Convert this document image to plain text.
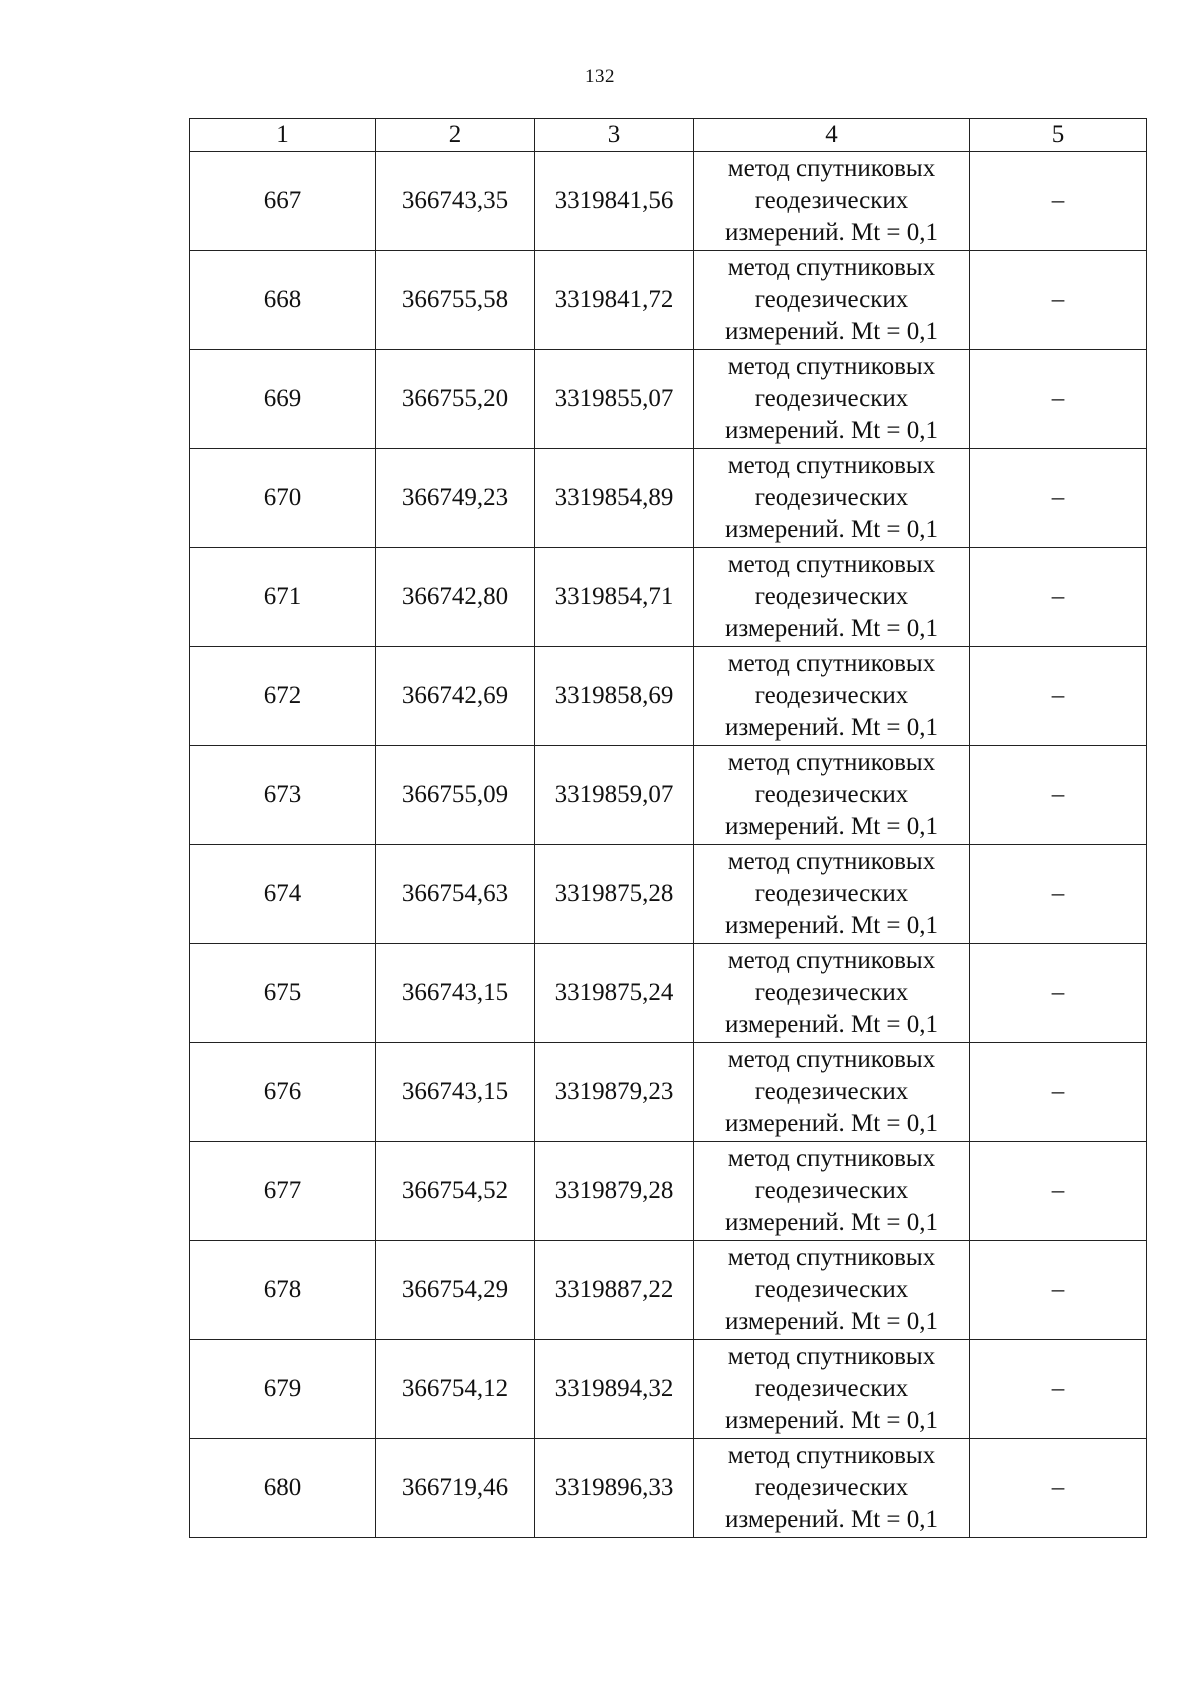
132
1	2	3	4	5
667	366743,35	3319841,56	метод спутниковых
геодезических
измерений. Mt = 0,1	–
668	366755,58	3319841,72	метод спутниковых
геодезических
измерений. Mt = 0,1	–
669	366755,20	3319855,07	метод спутниковых
геодезических
измерений. Mt = 0,1	–
670	366749,23	3319854,89	метод спутниковых
геодезических
измерений. Mt = 0,1	–
671	366742,80	3319854,71	метод спутниковых
геодезических
измерений. Mt = 0,1	–
672	366742,69	3319858,69	метод спутниковых
геодезических
измерений. Mt = 0,1	–
673	366755,09	3319859,07	метод спутниковых
геодезических
измерений. Mt = 0,1	–
674	366754,63	3319875,28	метод спутниковых
геодезических
измерений. Mt = 0,1	–
675	366743,15	3319875,24	метод спутниковых
геодезических
измерений. Mt = 0,1	–
676	366743,15	3319879,23	метод спутниковых
геодезических
измерений. Mt = 0,1	–
677	366754,52	3319879,28	метод спутниковых
геодезических
измерений. Mt = 0,1	–
678	366754,29	3319887,22	метод спутниковых
геодезических
измерений. Mt = 0,1	–
679	366754,12	3319894,32	метод спутниковых
геодезических
измерений. Mt = 0,1	–
680	366719,46	3319896,33	метод спутниковых
геодезических
измерений. Mt = 0,1	–
